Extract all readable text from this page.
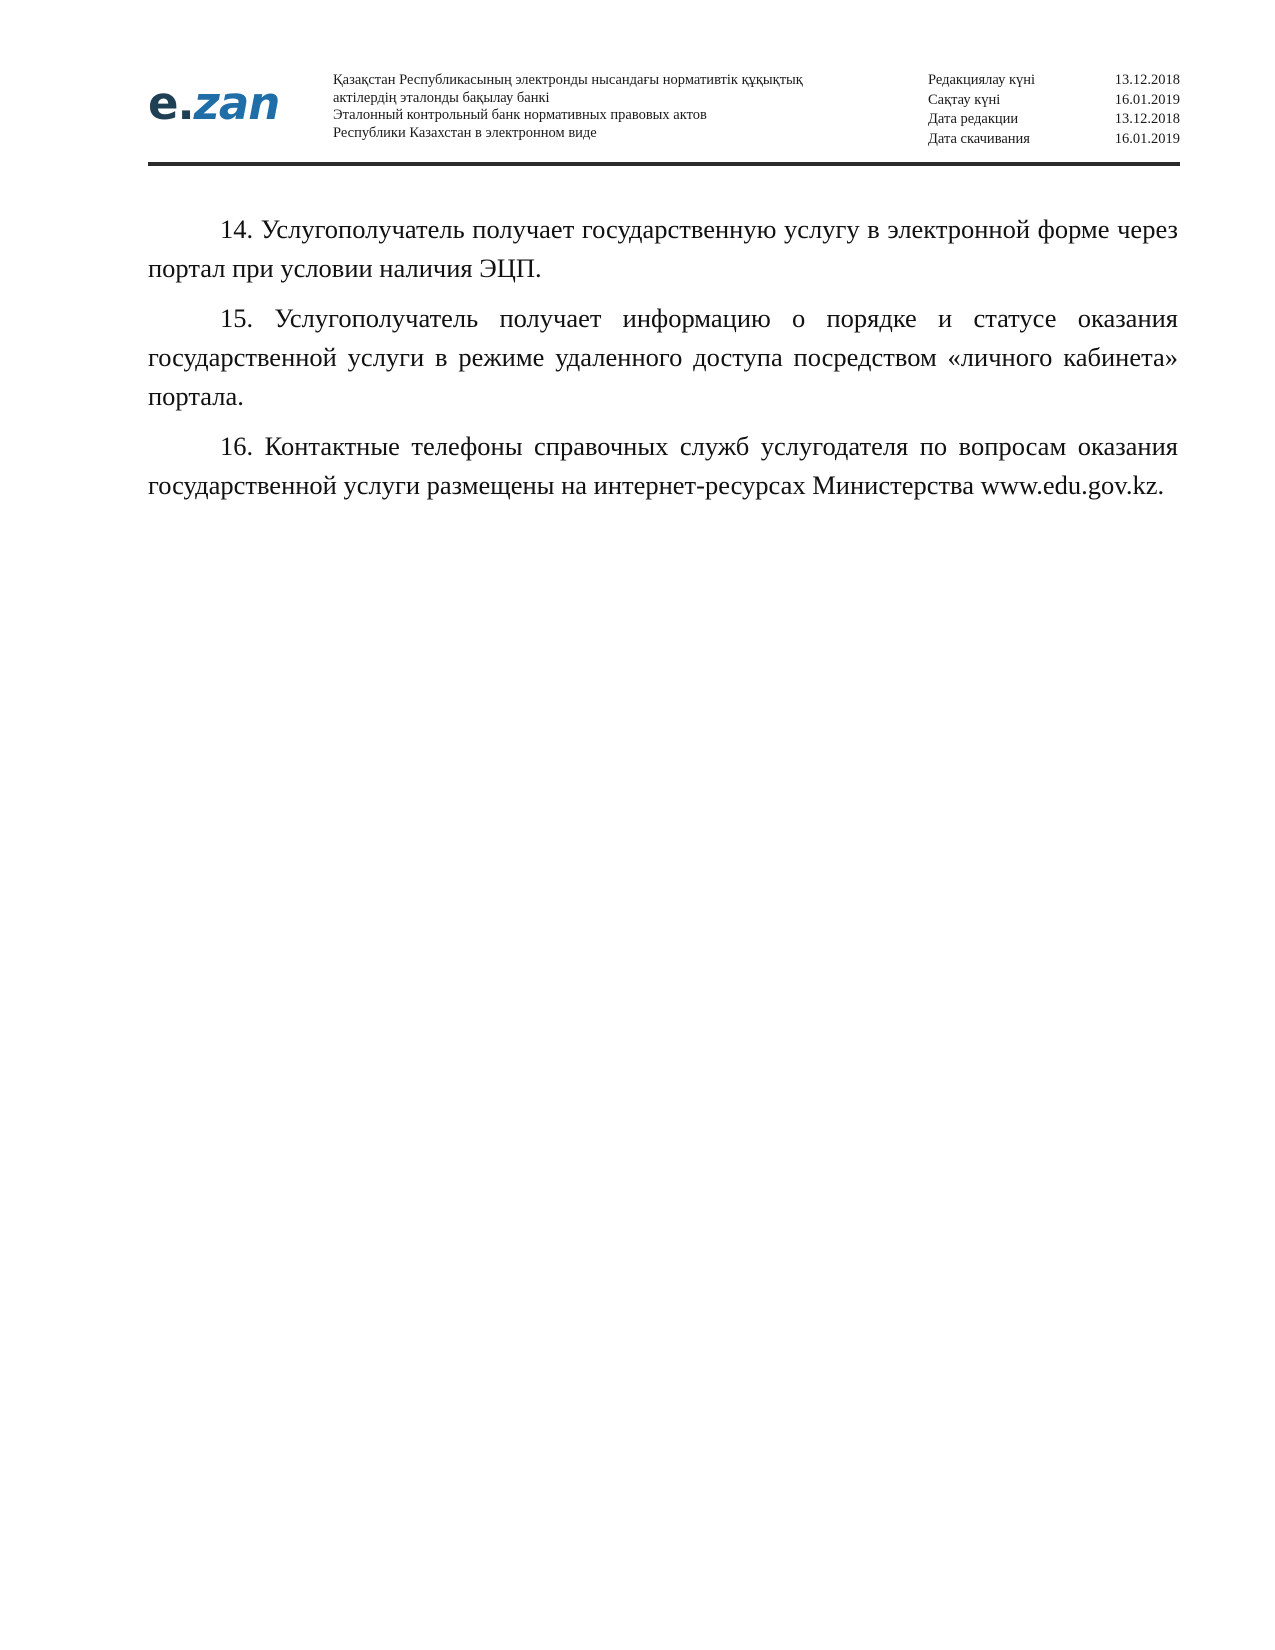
e.zan	Қазақстан Республикасының электронды нысандағы нормативтік құқықтық
актілердің эталонды бақылау банкі
Эталонный контрольный банк нормативных правовых актов
Республики Казахстан в электронном виде
Редакциялау күні	13.12.2018
Сақтау күні	16.01.2019
Дата редакции	13.12.2018
Дата скачивания	16.01.2019

14. Услугополучатель получает государственную услугу в электронной форме через портал при условии наличия ЭЦП.

15. Услугополучатель получает информацию о порядке и статусе оказания государственной услуги в режиме удаленного доступа посредством «личного кабинета» портала.

16. Контактные телефоны справочных служб услугодателя по вопросам оказания государственной услуги размещены на интернет-ресурсах Министерства www.edu.gov.kz.
